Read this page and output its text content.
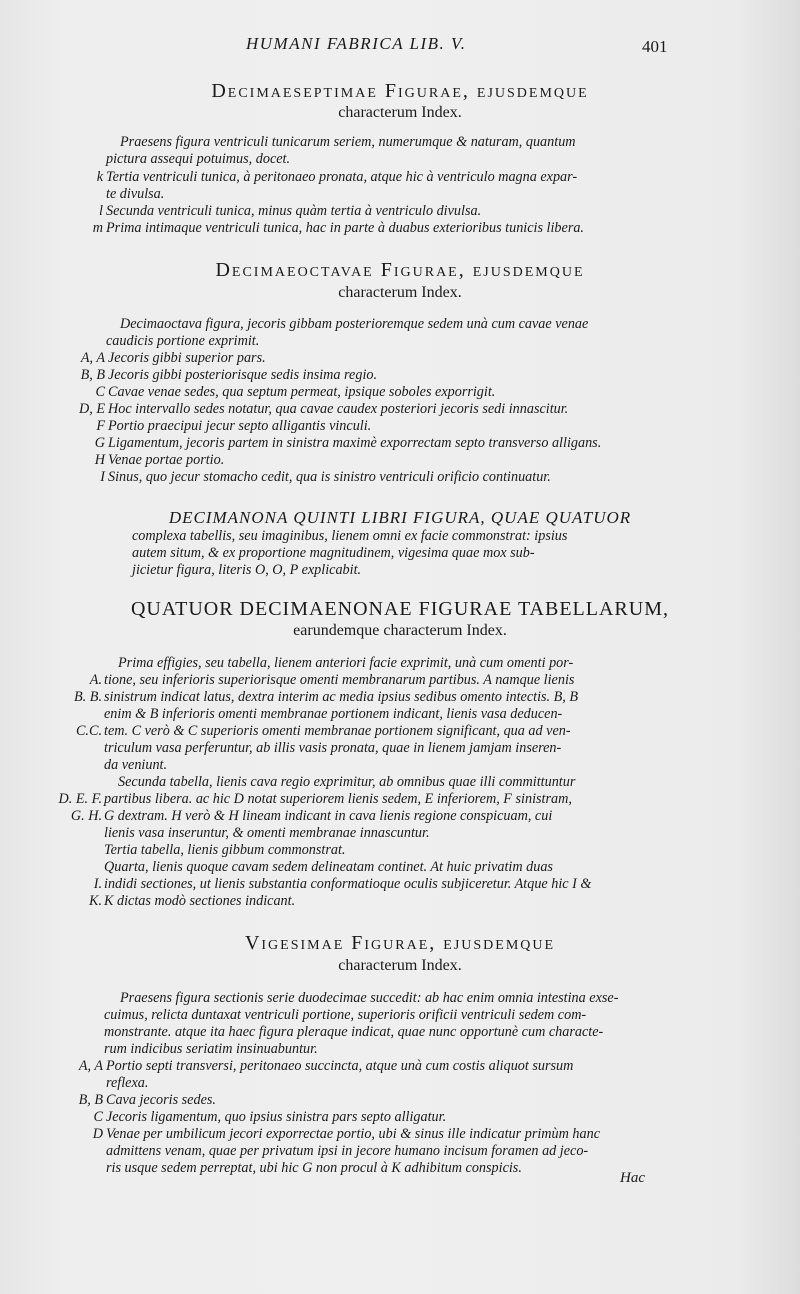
HUMANI FABRICA LIB. V.	401
Decimaeseptimae Figurae, ejusdemque
characterum Index.
Praesens figura ventriculi tunicarum seriem, numerumque & naturam, quantum
pictura assequi potuimus, docet.
k Tertia ventriculi tunica, à peritonaeo pronata, atque hic à ventriculo magna expar-
te divulsa.
l Secunda ventriculi tunica, minus quàm tertia à ventriculo divulsa.
m Prima intimaque ventriculi tunica, hac in parte à duabus exterioribus tunicis libera.
Decimaeoctavae Figurae, ejusdemque
characterum Index.
Decimaoctava figura, jecoris gibbam posterioremque sedem unà cum cavae venae
caudicis portione exprimit.
A, A Jecoris gibbi superior pars.
B, B Jecoris gibbi posteriorisque sedis insima regio.
C Cavae venae sedes, qua septum permeat, ipsique soboles exporrigit.
D, E Hoc intervallo sedes notatur, qua cavae caudex posteriori jecoris sedi innascitur.
F Portio praecipui jecur septo alligantis vinculi.
G Ligamentum, jecoris partem in sinistra maximè exporrectam septo transverso alligans.
H Venae portae portio.
I Sinus, quo jecur stomacho cedit, qua is sinistro ventriculi orificio continuatur.
DECIMANONA QUINTI LIBRI FIGURA, QUAE QUATUOR
complexa tabellis, seu imaginibus, lienem omni ex facie commonstrat: ipsius
autem situm, & ex proportione magnitudinem, vigesima quae mox sub-
jicietur figura, literis O, O, P explicabit.
QUATUOR DECIMAENONAE FIGURAE TABELLARUM,
earundemque characterum Index.
Prima effigies, seu tabella, lienem anteriori facie exprimit, unà cum omenti por-
A. tione, seu inferioris superiorisque omenti membranarum partibus. A namque lienis
B. B. sinistrum indicat latus, dextra interim ac media ipsius sedibus omento intectis. B, B
enim & B inferioris omenti membranae portionem indicant, lienis vasa deducen-
C.C. tem. C verò & C superioris omenti membranae portionem significant, qua ad ven-
triculum vasa perferuntur, ab illis vasis pronata, quae in lienem jamjam inseren-
da veniunt.
Secunda tabella, lienis cava regio exprimitur, ab omnibus quae illi committuntur
D. E. F. partibus libera. ac hic D notat superiorem lienis sedem, E inferiorem, F sinistram,
G. H. G dextram. H verò & H lineam indicant in cava lienis regione conspicuam, cui
lienis vasa inseruntur, & omenti membranae innascuntur.
Tertia tabella, lienis gibbum commonstrat.
Quarta, lienis quoque cavam sedem delineatam continet. At huic privatim duas
I. indidi sectiones, ut lienis substantia conformatioque oculis subjiceretur. Atque hic I &
K. K dictas modò sectiones indicant.
Vigesimae Figurae, ejusdemque
characterum Index.
Praesens figura sectionis serie duodecimae succedit: ab hac enim omnia intestina exse-
cuimus, relicta duntaxat ventriculi portione, superioris orificii ventriculi sedem com-
monstrante. atque ita haec figura pleraque indicat, quae nunc opportunè cum characte-
rum indicibus seriatim insinuabuntur.
A, A Portio septi transversi, peritonaeo succincta, atque unà cum costis aliquot sursum
reflexa.
B, B Cava jecoris sedes.
C Jecoris ligamentum, quo ipsius sinistra pars septo alligatur.
D Venae per umbilicum jecori exporrectae portio, ubi & sinus ille indicatur primùm hanc
admittens venam, quae per privatum ipsi in jecore humano incisum foramen ad jeco-
ris usque sedem perreptat, ubi hic G non procul à K adhibitum conspicis.
Hac
